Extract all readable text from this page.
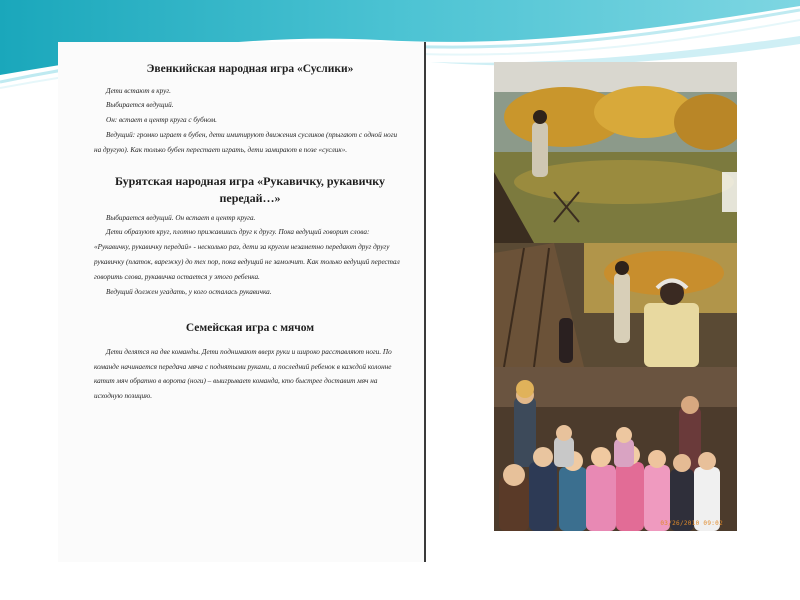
Эвенкийская народная игра «Суслики»

Дети встают в круг.

Выбирается ведущий.

Он: встает в центр круга с бубном.

Ведущий: громко играет в бубен, дети имитируют движения сусликов (прыгают с одной ноги на другую). Как только бубен перестает играть, дети замирают в позе «суслик».

Бурятская народная игра «Рукавичку, рукавичку передай…»

Выбирается ведущий. Он встает в центр круга.

Дети образуют круг, плотно прижавшись друг к другу. Пока ведущий говорит слова: «Рукавичку, рукавичку передай» - несколько раз, дети за кругом незаметно передают друг другу рукавичку (платок, варежку) до тех пор, пока ведущий не замолчит. Как только ведущий перестал говорить слова, рукавичка остается у этого ребенка.

Ведущий должен угадать, у кого осталась рукавичка.

Семейская игра с мячом

Дети делятся на две команды. Дети поднимают вверх руки и широко расставляют ноги. По команде начинается передача мяча с поднятыми руками, а последний ребенок в каждой колонне катит мяч обратно в ворота (ноги) – выигрывает команда, кто быстрее доставит мяч на исходную позицию.

03/26/2010 09:02
